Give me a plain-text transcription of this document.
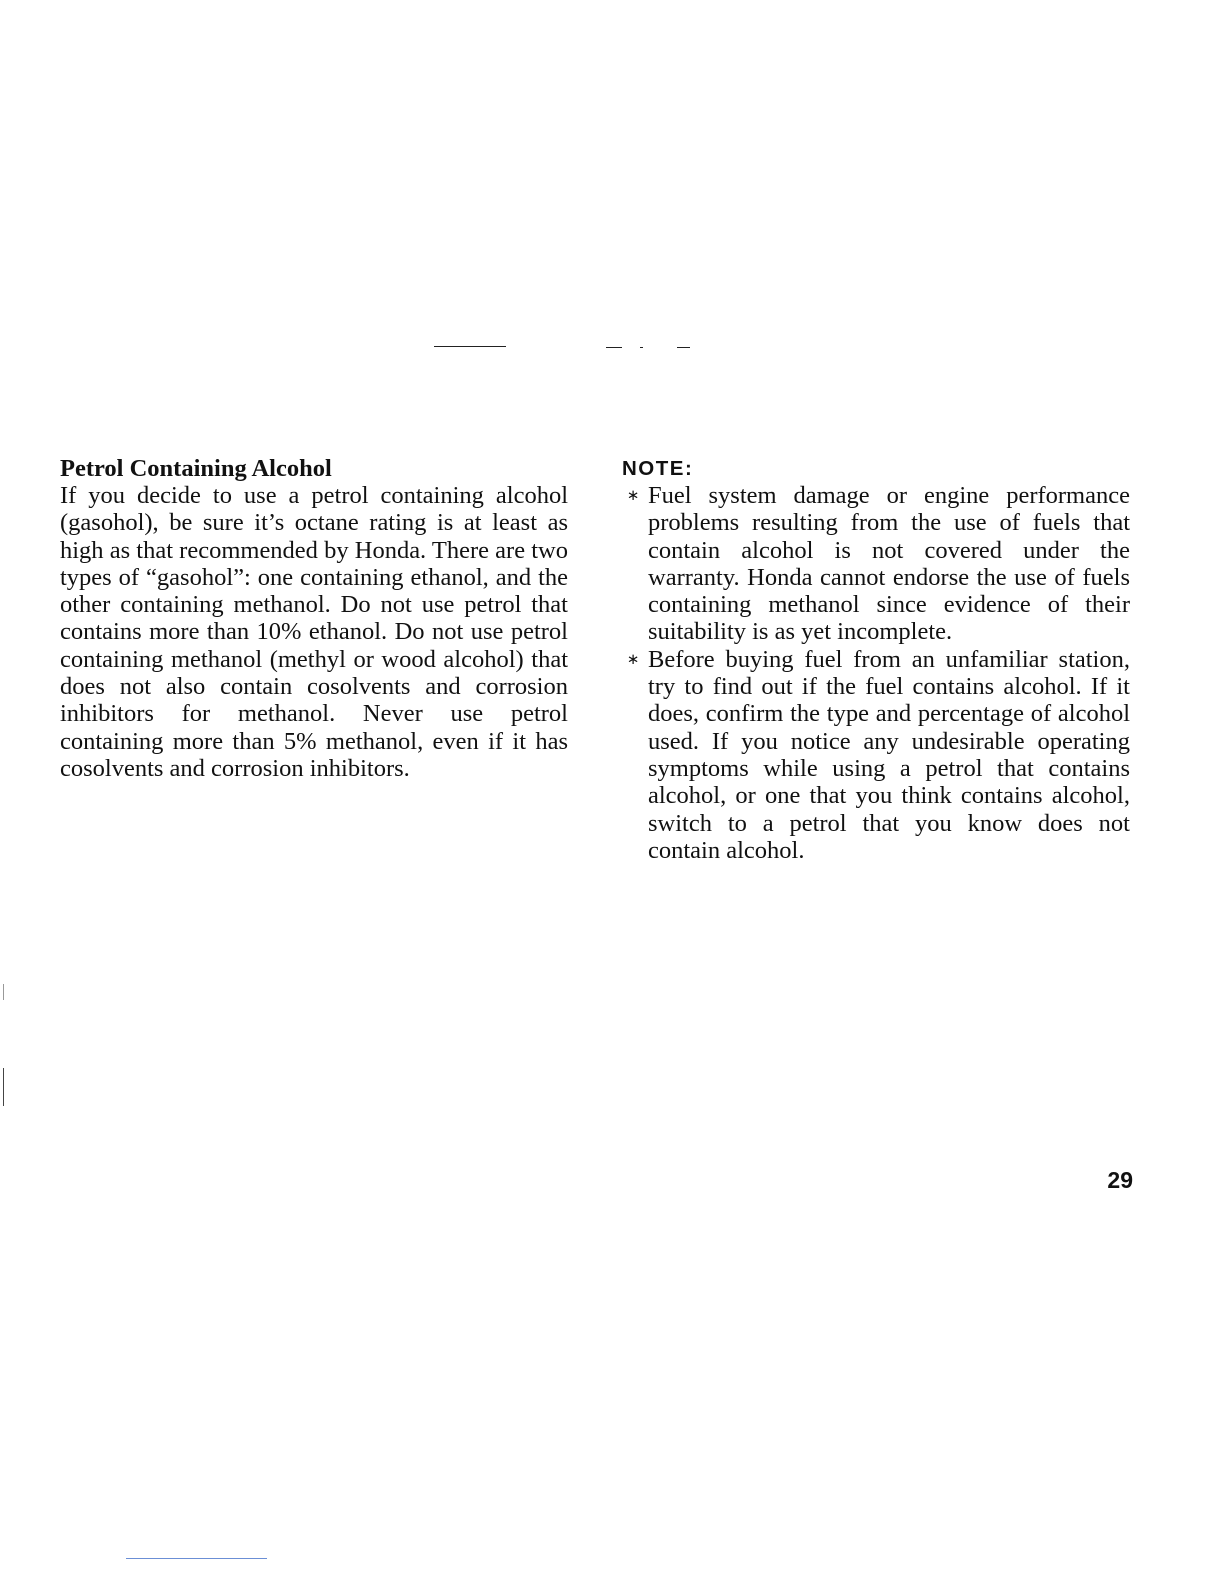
Petrol Containing Alcohol

If you decide to use a petrol containing alcohol (gasohol), be sure it’s octane rating is at least as high as that recommended by Honda. There are two types of “gasohol”: one containing ethanol, and the other containing methanol. Do not use petrol that contains more than 10% ethanol. Do not use petrol containing methanol (methyl or wood alcohol) that does not also contain cosolvents and corrosion inhibitors for methanol. Never use petrol containing more than 5% methanol, even if it has cosolvents and corrosion inhibitors.

NOTE:

∗ Fuel system damage or engine performance problems resulting from the use of fuels that contain alcohol is not covered under the warranty. Honda cannot endorse the use of fuels containing methanol since evidence of their suitability is as yet incomplete.
∗ Before buying fuel from an unfamiliar station, try to find out if the fuel contains alcohol. If it does, confirm the type and percentage of alcohol used. If you notice any undesirable operating symptoms while using a petrol that contains alcohol, or one that you think contains alcohol, switch to a petrol that you know does not contain alcohol.

29
